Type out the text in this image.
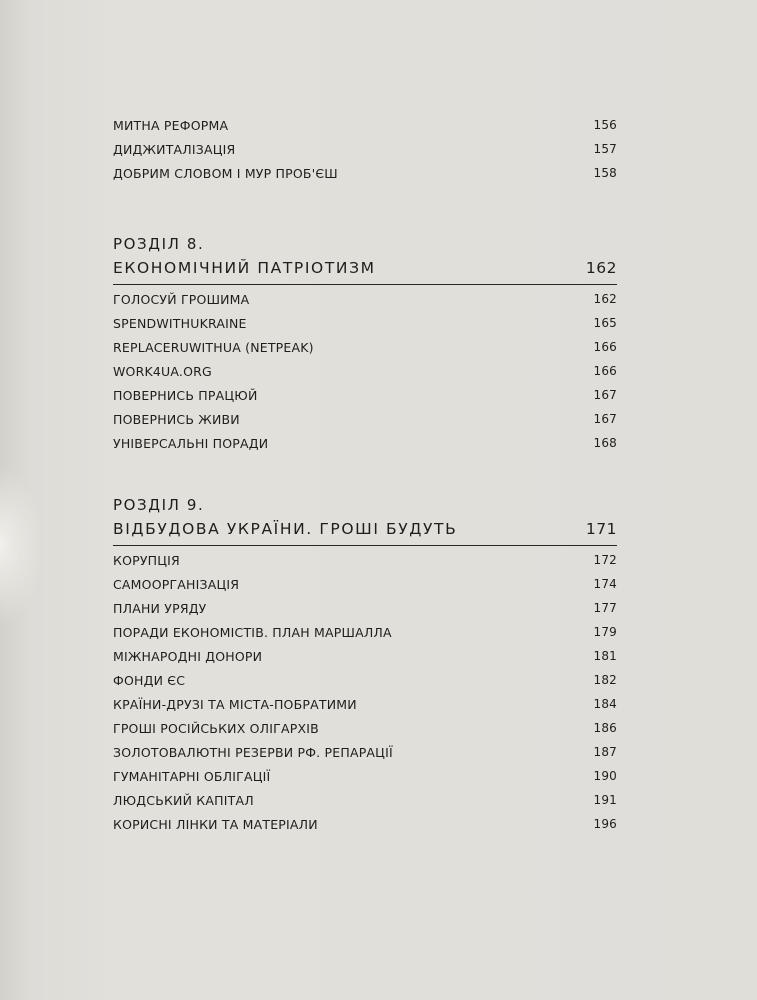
МИТНА РЕФОРМА	156
ДИДЖИТАЛІЗАЦІЯ	157
ДОБРИМ СЛОВОМ І МУР ПРОБ'ЄШ	158
РОЗДІЛ 8.
ЕКОНОМІЧНИЙ ПАТРІОТИЗМ	162
ГОЛОСУЙ ГРОШИМА	162
SPENDWITHUKRAINE	165
REPLACERUWITHUA (NETPEAK)	166
WORK4UA.ORG	166
ПОВЕРНИСЬ ПРАЦЮЙ	167
ПОВЕРНИСЬ ЖИВИ	167
УНІВЕРСАЛЬНІ ПОРАДИ	168
РОЗДІЛ 9.
ВІДБУДОВА УКРАЇНИ. ГРОШІ БУДУТЬ	171
КОРУПЦІЯ	172
САМООРГАНІЗАЦІЯ	174
ПЛАНИ УРЯДУ	177
ПОРАДИ ЕКОНОМІСТІВ. ПЛАН МАРШАЛЛА	179
МІЖНАРОДНІ ДОНОРИ	181
ФОНДИ ЄС	182
КРАЇНИ-ДРУЗІ ТА МІСТА-ПОБРАТИМИ	184
ГРОШІ РОСІЙСЬКИХ ОЛІГАРХІВ	186
ЗОЛОТОВАЛЮТНІ РЕЗЕРВИ РФ. РЕПАРАЦІЇ	187
ГУМАНІТАРНІ ОБЛІГАЦІЇ	190
ЛЮДСЬКИЙ КАПІТАЛ	191
КОРИСНІ ЛІНКИ ТА МАТЕРІАЛИ	196
